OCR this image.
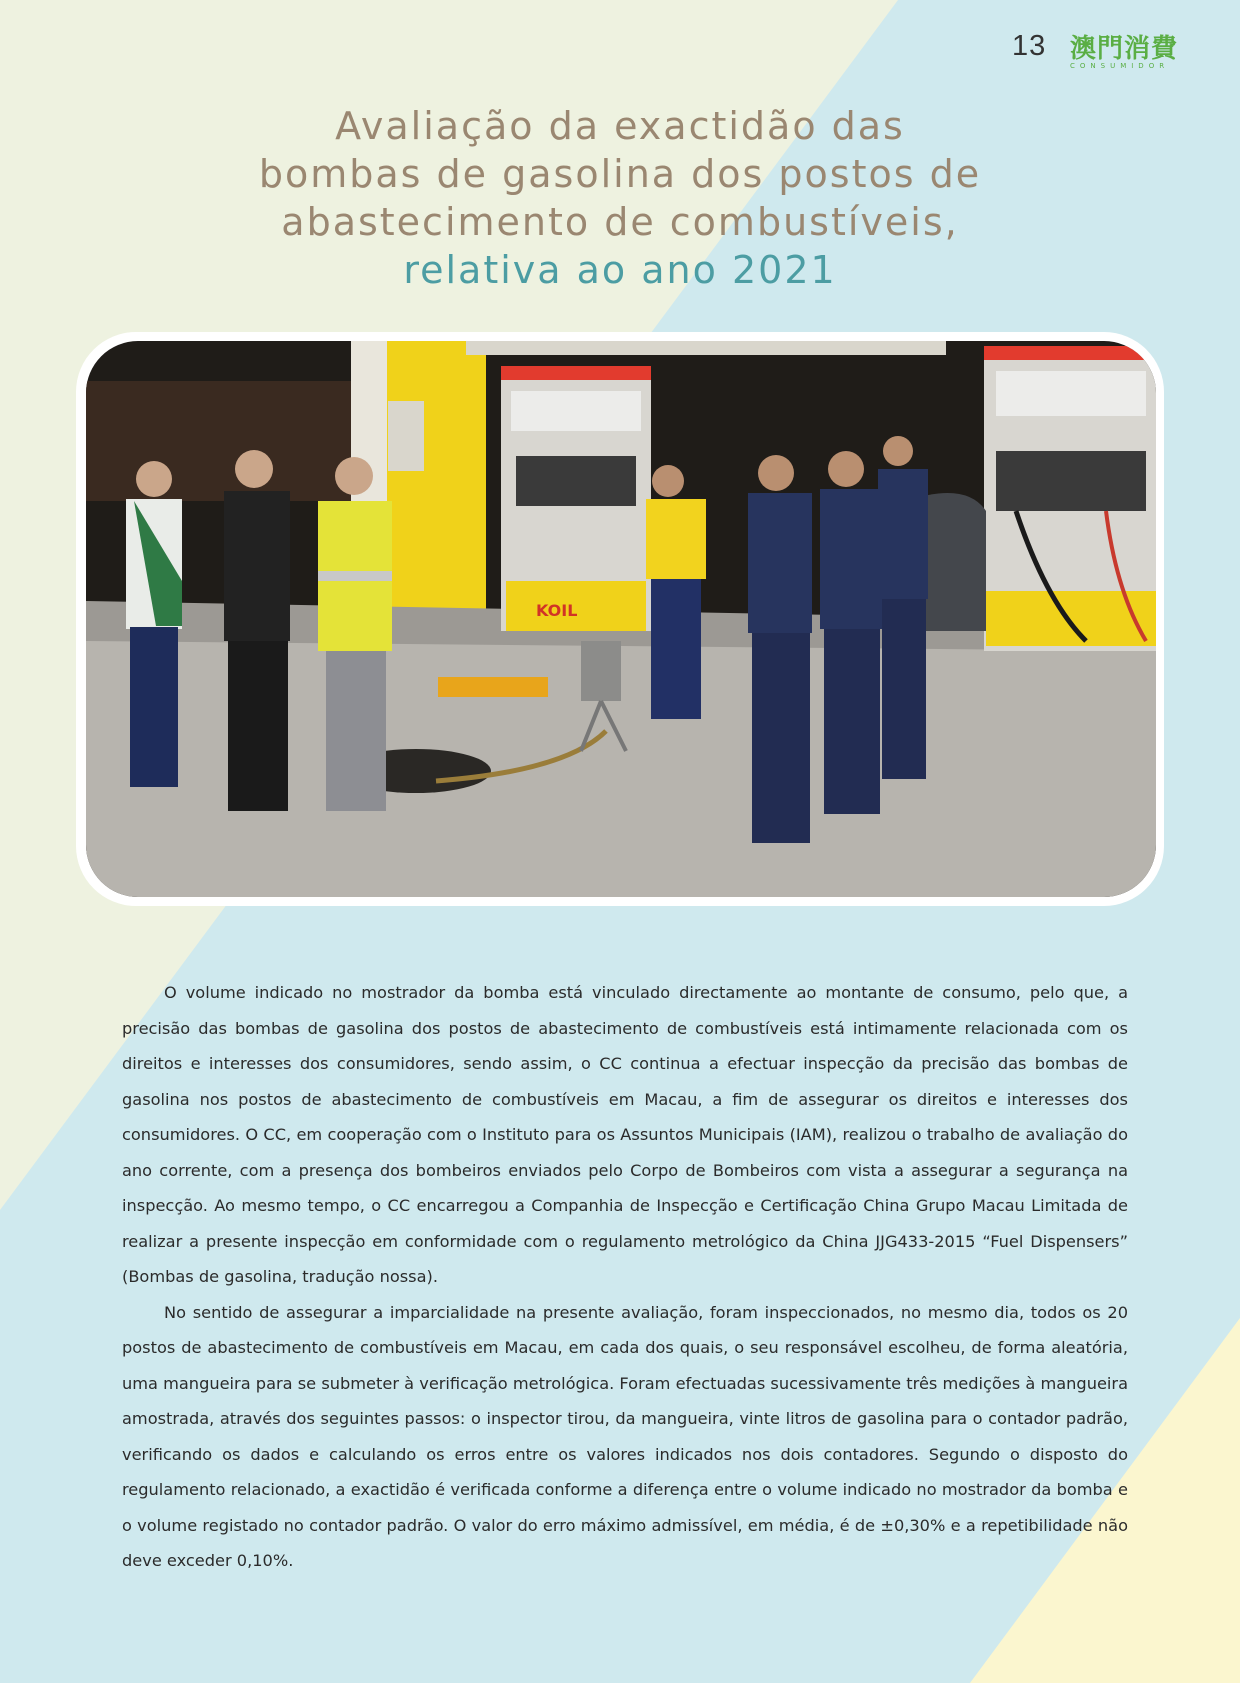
13 澳門消費
CONSUMIDOR
Avaliação da exactidão das
bombas de gasolina dos postos de
abastecimento de combustíveis,
relativa ao ano 2021
KOIL

O volume indicado no mostrador da bomba está vinculado directamente ao montante de consumo, pelo que, a precisão das bombas de gasolina dos postos de abastecimento de combustíveis está intimamente relacionada com os direitos e interesses dos consumidores, sendo assim, o CC continua a efectuar inspecção da precisão das bombas de gasolina nos postos de abastecimento de combustíveis em Macau, a fim de assegurar os direitos e interesses dos consumidores. O CC, em cooperação com o Instituto para os Assuntos Municipais (IAM), realizou o trabalho de avaliação do ano corrente, com a presença dos bombeiros enviados pelo Corpo de Bombeiros com vista a assegurar a segurança na inspecção. Ao mesmo tempo, o CC encarregou a Companhia de Inspecção e Certificação China Grupo Macau Limitada de realizar a presente inspecção em conformidade com o regulamento metrológico da China JJG433-2015 “Fuel Dispensers” (Bombas de gasolina, tradução nossa).

No sentido de assegurar a imparcialidade na presente avaliação, foram inspeccionados, no mesmo dia, todos os 20 postos de abastecimento de combustíveis em Macau, em cada dos quais, o seu responsável escolheu, de forma aleatória, uma mangueira para se submeter à verificação metrológica. Foram efectuadas sucessivamente três medições à mangueira amostrada, através dos seguintes passos: o inspector tirou, da mangueira, vinte litros de gasolina para o contador padrão, verificando os dados e calculando os erros entre os valores indicados nos dois contadores. Segundo o disposto do regulamento relacionado, a exactidão é verificada conforme a diferença entre o volume indicado no mostrador da bomba e o volume registado no contador padrão. O valor do erro máximo admissível, em média, é de ±0,30% e a repetibilidade não deve exceder 0,10%.
